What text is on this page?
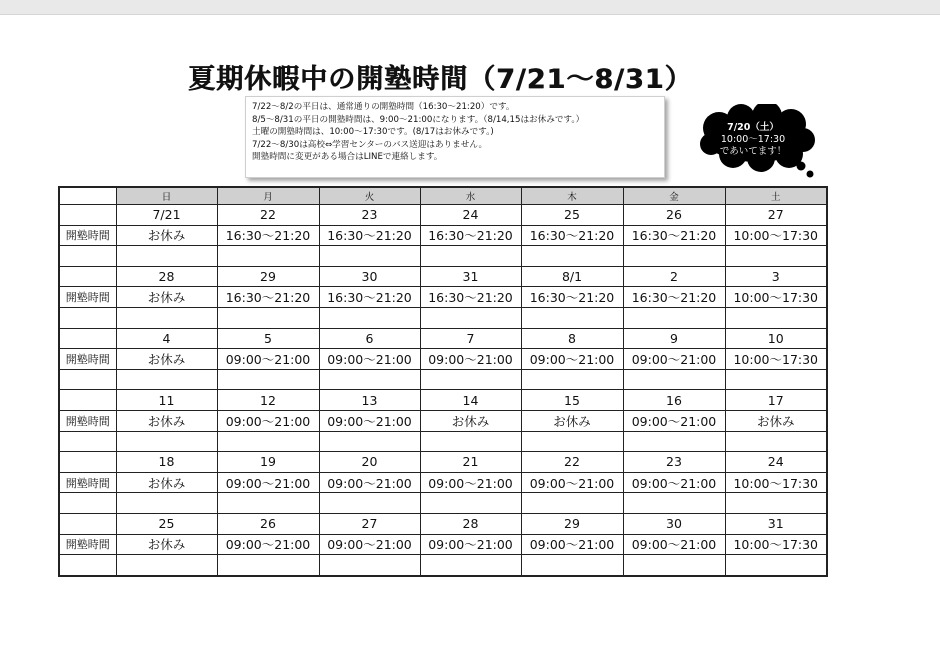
夏期休暇中の開塾時間（7/21～8/31）
7/22～8/2の平日は、通常通りの開塾時間（16:30～21:20）です。
8/5～8/31の平日の開塾時間は、9:00～21:00になります。（8/14,15はお休みです。）
土曜の開塾時間は、10:00～17:30です。(8/17はお休みです。)
7/22～8/30は高校⇔学習センターのバス送迎はありません。
開塾時間に変更がある場合はLINEで連絡します。
7/20（土）
10:00～17:30
であいてます！
	日	月	火	水	木	金	土
	7/21	22	23	24	25	26	27
開塾時間	お休み	16:30～21:20	16:30～21:20	16:30～21:20	16:30～21:20	16:30～21:20	10:00～17:30

	28	29	30	31	8/1	2	3
開塾時間	お休み	16:30～21:20	16:30～21:20	16:30～21:20	16:30～21:20	16:30～21:20	10:00～17:30

	4	5	6	7	8	9	10
開塾時間	お休み	09:00～21:00	09:00～21:00	09:00～21:00	09:00～21:00	09:00～21:00	10:00～17:30

	11	12	13	14	15	16	17
開塾時間	お休み	09:00～21:00	09:00～21:00	お休み	お休み	09:00～21:00	お休み

	18	19	20	21	22	23	24
開塾時間	お休み	09:00～21:00	09:00～21:00	09:00～21:00	09:00～21:00	09:00～21:00	10:00～17:30

	25	26	27	28	29	30	31
開塾時間	お休み	09:00～21:00	09:00～21:00	09:00～21:00	09:00～21:00	09:00～21:00	10:00～17:30
